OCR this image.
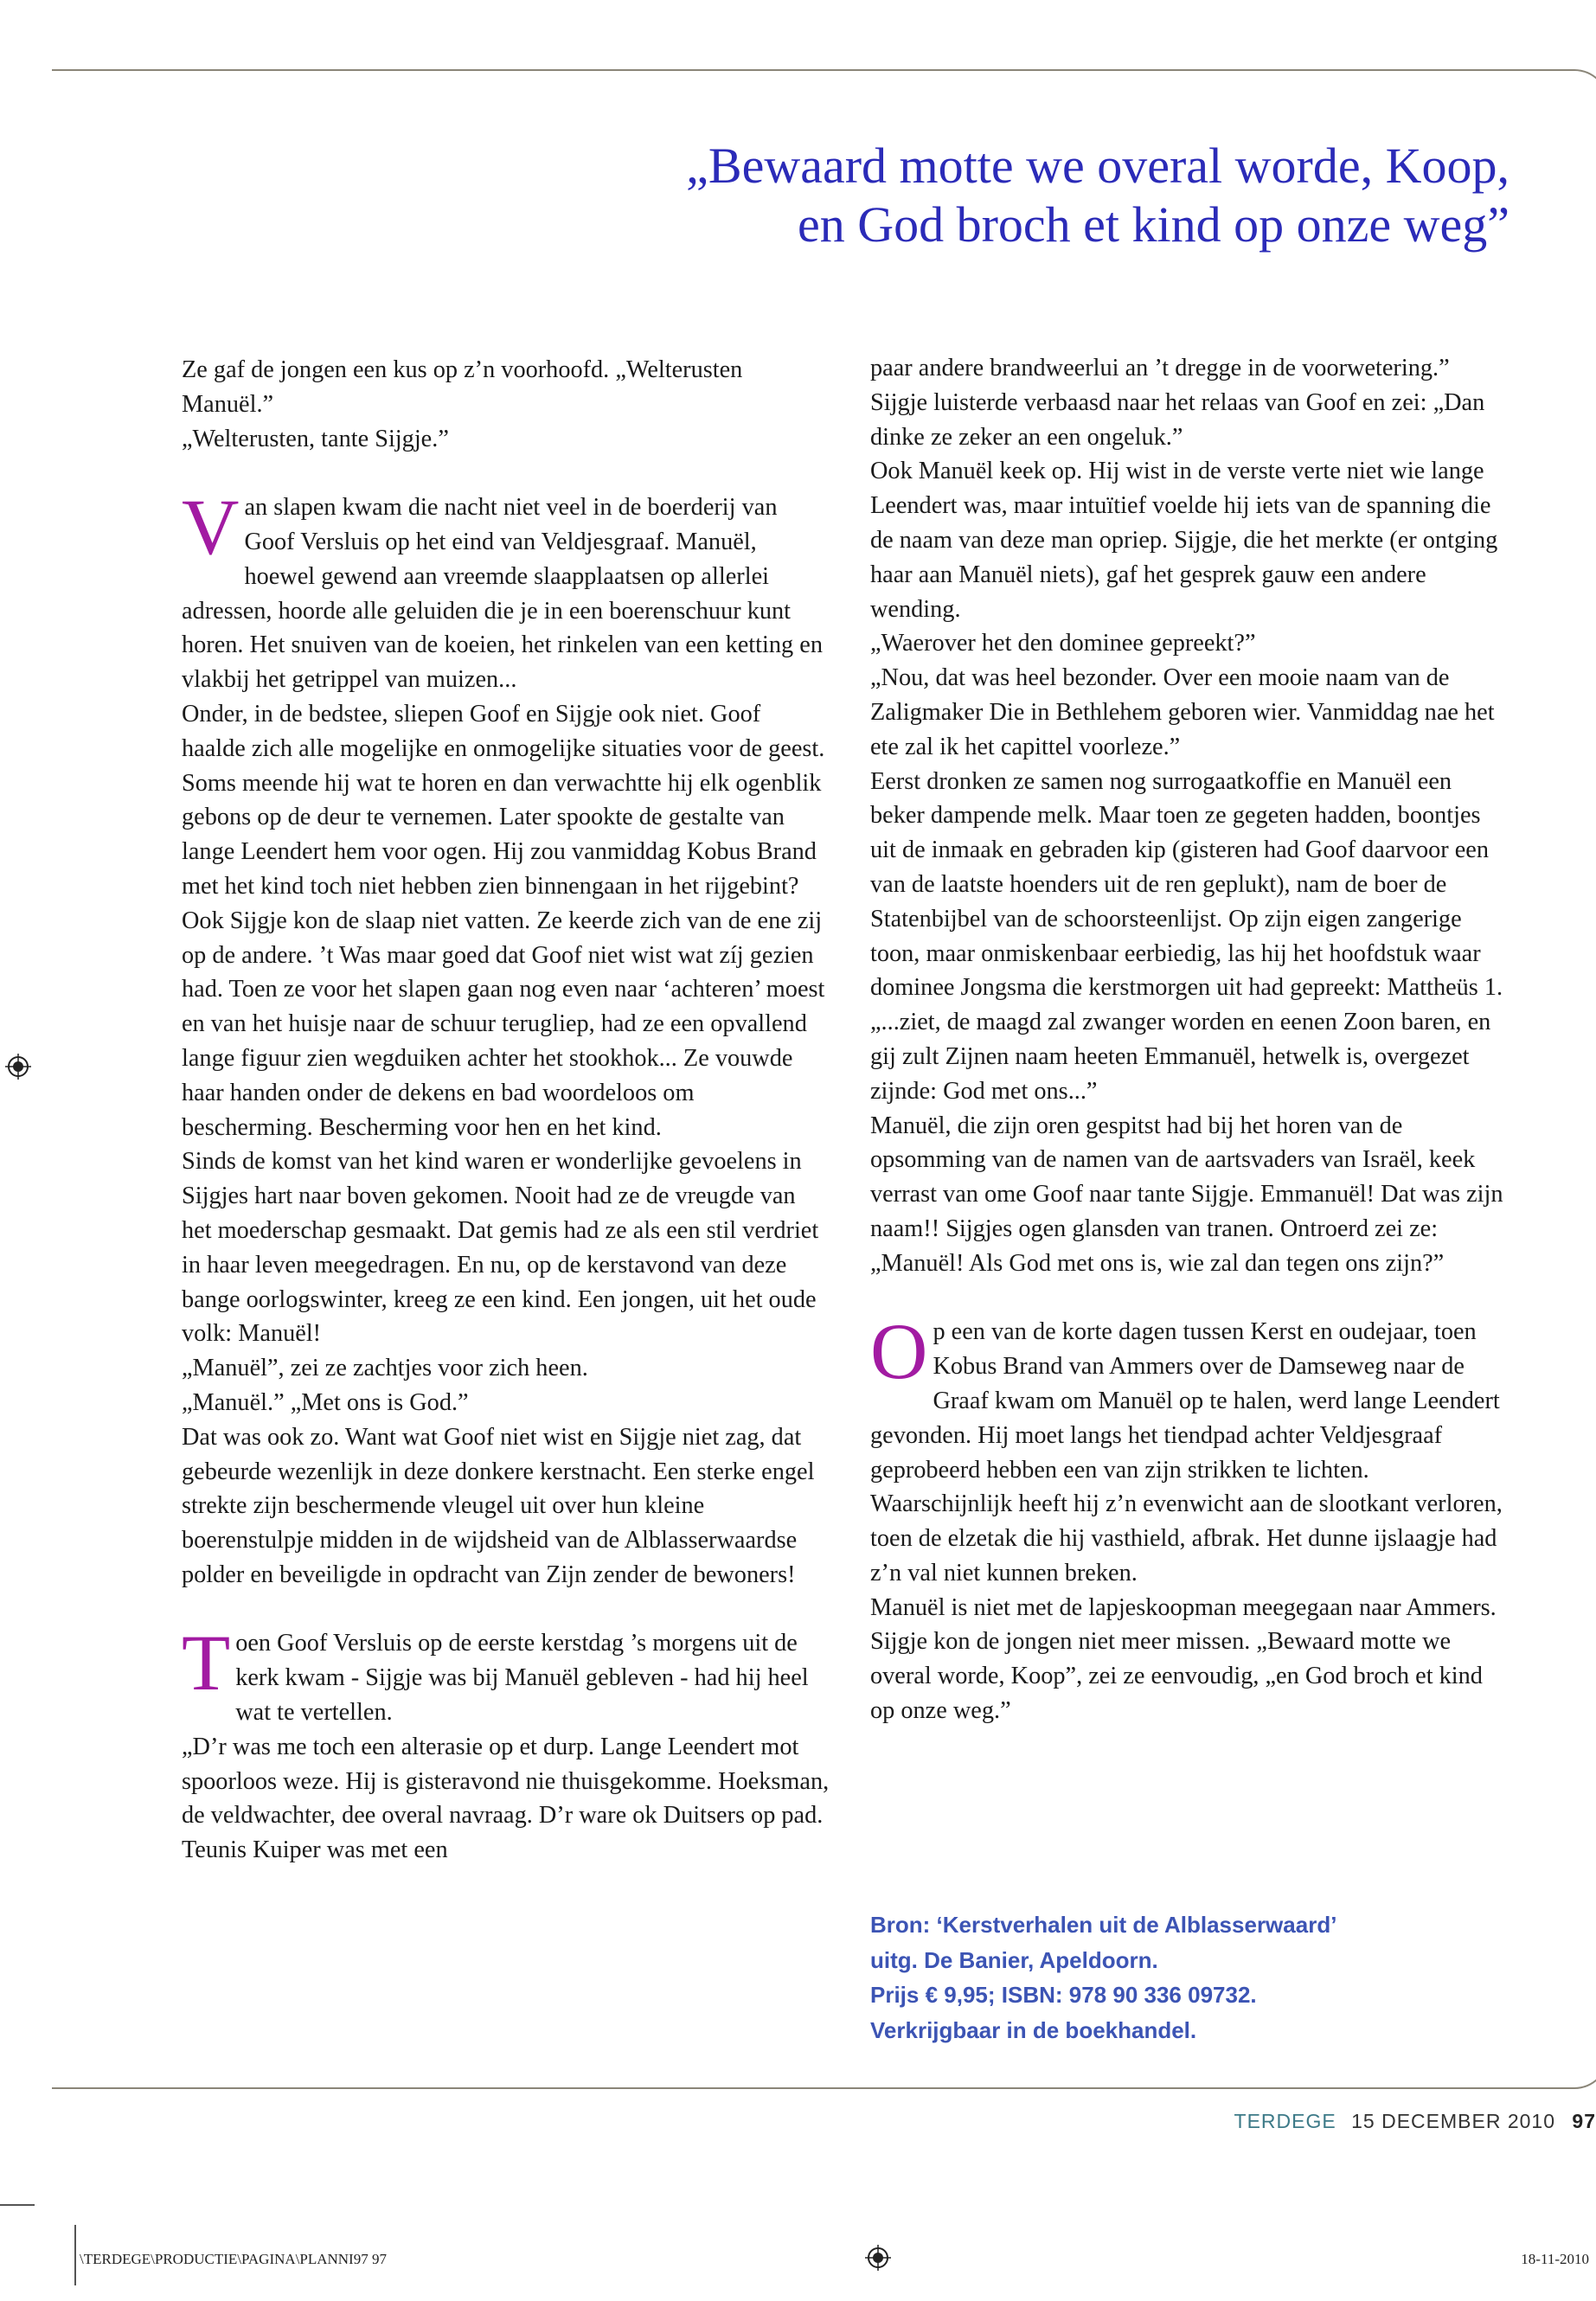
„Bewaard motte we overal worde, Koop,
en God broch et kind op onze weg”

Ze gaf de jongen een kus op z’n voorhoofd. „Welterusten Manuël.”

„Welterusten, tante Sijgje.”

Van slapen kwam die nacht niet veel in de boerderij van Goof Versluis op het eind van Veldjesgraaf. Manuël, hoewel gewend aan vreemde slaapplaatsen op allerlei adressen, hoorde alle geluiden die je in een boerenschuur kunt horen. Het snuiven van de koeien, het rinkelen van een ketting en vlakbij het getrippel van muizen...

Onder, in de bedstee, sliepen Goof en Sijgje ook niet. Goof haalde zich alle mogelijke en onmogelijke situaties voor de geest. Soms meende hij wat te horen en dan verwachtte hij elk ogenblik gebons op de deur te vernemen. Later spookte de gestalte van lange Leendert hem voor ogen. Hij zou vanmiddag Kobus Brand met het kind toch niet hebben zien binnengaan in het rijgebint?

Ook Sijgje kon de slaap niet vatten. Ze keerde zich van de ene zij op de andere. ’t Was maar goed dat Goof niet wist wat zíj gezien had. Toen ze voor het slapen gaan nog even naar ‘achteren’ moest en van het huisje naar de schuur terugliep, had ze een opvallend lange figuur zien wegduiken achter het stookhok... Ze vouwde haar handen onder de dekens en bad woordeloos om bescherming. Bescherming voor hen en het kind.

Sinds de komst van het kind waren er wonderlijke gevoelens in Sijgjes hart naar boven gekomen. Nooit had ze de vreugde van het moederschap gesmaakt. Dat gemis had ze als een stil verdriet in haar leven meegedragen. En nu, op de kerstavond van deze bange oorlogswinter, kreeg ze een kind. Een jongen, uit het oude volk: Manuël!

„Manuël”, zei ze zachtjes voor zich heen.

„Manuël.” „Met ons is God.”

Dat was ook zo. Want wat Goof niet wist en Sijgje niet zag, dat gebeurde wezenlijk in deze donkere kerstnacht. Een sterke engel strekte zijn beschermende vleugel uit over hun kleine boerenstulpje midden in de wijdsheid van de Alblasserwaardse polder en beveiligde in opdracht van Zijn zender de bewoners!

Toen Goof Versluis op de eerste kerstdag ’s morgens uit de kerk kwam - Sijgje was bij Manuël gebleven - had hij heel wat te vertellen.

„D’r was me toch een alterasie op et durp. Lange Leendert mot spoorloos weze. Hij is gisteravond nie thuisgekomme. Hoeksman, de veldwachter, dee overal navraag. D’r ware ok Duitsers op pad. Teunis Kuiper was met een

paar andere brandweerlui an ’t dregge in de voorwetering.”

Sijgje luisterde verbaasd naar het relaas van Goof en zei: „Dan dinke ze zeker an een ongeluk.”

Ook Manuël keek op. Hij wist in de verste verte niet wie lange Leendert was, maar intuïtief voelde hij iets van de spanning die de naam van deze man opriep. Sijgje, die het merkte (er ontging haar aan Manuël niets), gaf het gesprek gauw een andere wending.

„Waerover het den dominee gepreekt?”

„Nou, dat was heel bezonder. Over een mooie naam van de Zaligmaker Die in Bethlehem geboren wier. Vanmiddag nae het ete zal ik het capittel voorleze.”

Eerst dronken ze samen nog surrogaatkoffie en Manuël een beker dampende melk. Maar toen ze gegeten hadden, boontjes uit de inmaak en gebraden kip (gisteren had Goof daarvoor een van de laatste hoenders uit de ren geplukt), nam de boer de Statenbijbel van de schoorsteenlijst. Op zijn eigen zangerige toon, maar onmiskenbaar eerbiedig, las hij het hoofdstuk waar dominee Jongsma die kerstmorgen uit had gepreekt: Mattheüs 1. „...ziet, de maagd zal zwanger worden en eenen Zoon baren, en gij zult Zijnen naam heeten Emmanuël, hetwelk is, overgezet zijnde: God met ons...”

Manuël, die zijn oren gespitst had bij het horen van de opsomming van de namen van de aartsvaders van Israël, keek verrast van ome Goof naar tante Sijgje. Emmanuël! Dat was zijn naam!! Sijgjes ogen glansden van tranen. Ontroerd zei ze: „Manuël! Als God met ons is, wie zal dan tegen ons zijn?”

Op een van de korte dagen tussen Kerst en oudejaar, toen Kobus Brand van Ammers over de Damseweg naar de Graaf kwam om Manuël op te halen, werd lange Leendert gevonden. Hij moet langs het tiendpad achter Veldjesgraaf geprobeerd hebben een van zijn strikken te lichten. Waarschijnlijk heeft hij z’n evenwicht aan de slootkant verloren, toen de elzetak die hij vasthield, afbrak. Het dunne ijslaagje had z’n val niet kunnen breken.

Manuël is niet met de lapjeskoopman meegegaan naar Ammers. Sijgje kon de jongen niet meer missen. „Bewaard motte we overal worde, Koop”, zei ze eenvoudig, „en God broch et kind op onze weg.”

Bron: ‘Kerstverhalen uit de Alblasserwaard’

uitg. De Banier, Apeldoorn.

Prijs € 9,95; ISBN: 978 90 336 09732.

Verkrijgbaar in de boekhandel.

TERDEGE 15 DECEMBER 2010 97
\TERDEGE\PRODUCTIE\PAGINA\PLANNI97 97	18-11-2010
